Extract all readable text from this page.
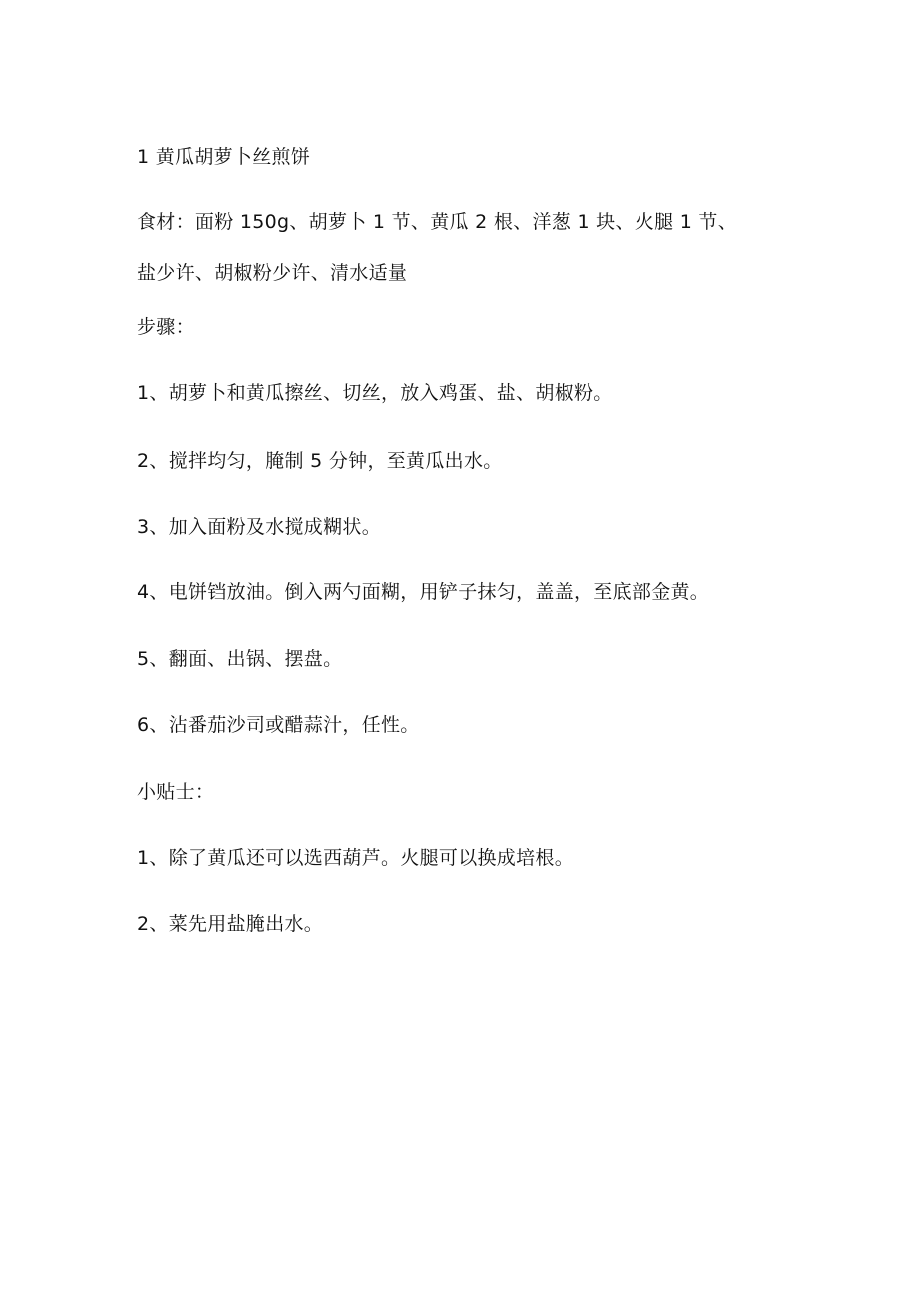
1 黄瓜胡萝卜丝煎饼

食材：面粉 150g、胡萝卜 1 节、黄瓜 2 根、洋葱 1 块、火腿 1 节、

盐少许、胡椒粉少许、清水适量

步骤：

1、胡萝卜和黄瓜擦丝、切丝，放入鸡蛋、盐、胡椒粉。

2、搅拌均匀，腌制 5 分钟，至黄瓜出水。

3、加入面粉及水搅成糊状。

4、电饼铛放油。倒入两勺面糊，用铲子抹匀，盖盖，至底部金黄。

5、翻面、出锅、摆盘。

6、沾番茄沙司或醋蒜汁，任性。

小贴士：

1、除了黄瓜还可以选西葫芦。火腿可以换成培根。

2、菜先用盐腌出水。
